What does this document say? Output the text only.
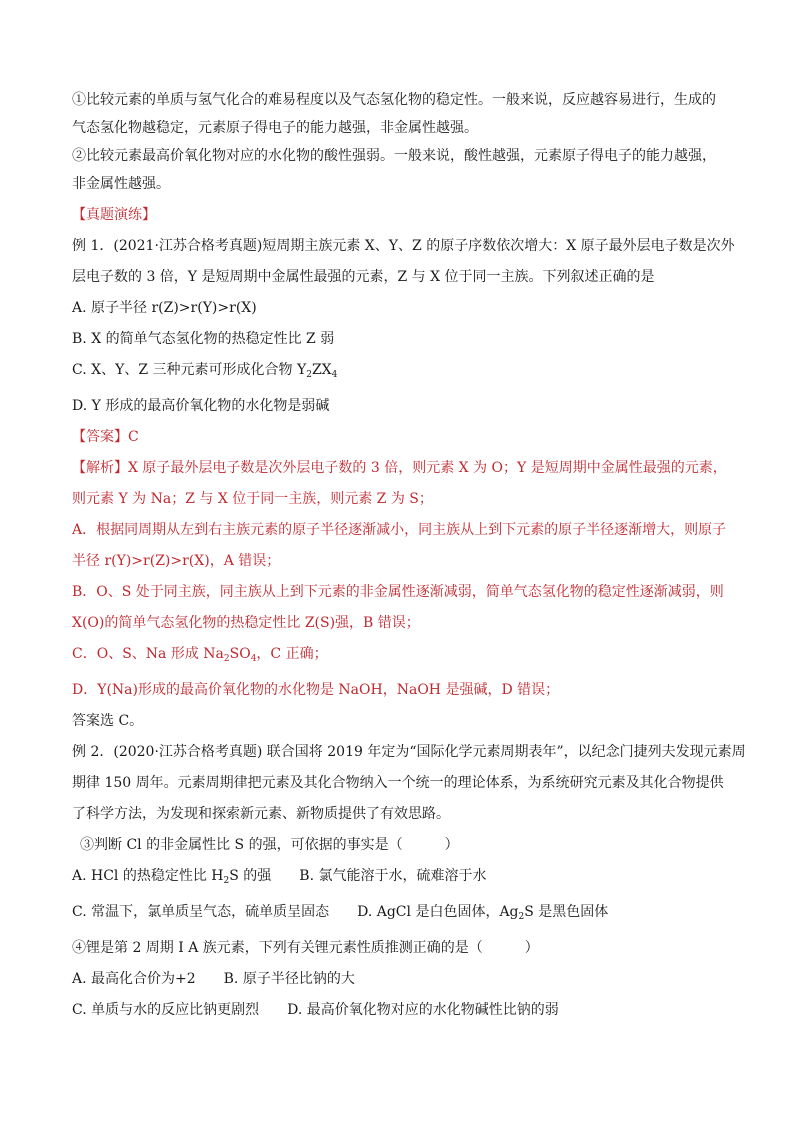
①比较元素的单质与氢气化合的难易程度以及气态氢化物的稳定性。一般来说，反应越容易进行，生成的

气态氢化物越稳定，元素原子得电子的能力越强，非金属性越强。

②比较元素最高价氧化物对应的水化物的酸性强弱。一般来说，酸性越强，元素原子得电子的能力越强，

非金属性越强。

【真题演练】

例 1．(2021·江苏合格考真题)短周期主族元素 X、Y、Z 的原子序数依次增大：X 原子最外层电子数是次外

层电子数的 3 倍，Y 是短周期中金属性最强的元素，Z 与 X 位于同一主族。下列叙述正确的是

A. 原子半径 r(Z)>r(Y)>r(X)

B. X 的简单气态氢化物的热稳定性比 Z 弱

C. X、Y、Z 三种元素可形成化合物 $Y_2ZX_4$

D. Y 形成的最高价氧化物的水化物是弱碱

【答案】C

【解析】X 原子最外层电子数是次外层电子数的 3 倍，则元素 X 为 O；Y 是短周期中金属性最强的元素，

则元素 Y 为 Na；Z 与 X 位于同一主族，则元素 Z 为 S；

A．根据同周期从左到右主族元素的原子半径逐渐减小，同主族从上到下元素的原子半径逐渐增大，则原子

半径 r(Y)>r(Z)>r(X)，A 错误；

B．O、S 处于同主族，同主族从上到下元素的非金属性逐渐减弱，简单气态氢化物的稳定性逐渐减弱，则

X(O)的简单气态氢化物的热稳定性比 Z(S)强，B 错误；

C．O、S、Na 形成 $Na_2SO_4$，C 正确；

D．Y(Na)形成的最高价氧化物的水化物是 NaOH，NaOH 是强碱，D 错误；

答案选 C。

例 2．(2020·江苏合格考真题) 联合国将 2019 年定为“国际化学元素周期表年”，以纪念门捷列夫发现元素周

期律 150 周年。元素周期律把元素及其化合物纳入一个统一的理论体系，为系统研究元素及其化合物提供

了科学方法，为发现和探索新元素、新物质提供了有效思路。

③判断 Cl 的非金属性比 S 的强，可依据的事实是（　　　）

A. HCl 的热稳定性比 $H_2S$ 的强　　B. 氯气能溶于水，硫难溶于水

C. 常温下，氯单质呈气态，硫单质呈固态　　D. AgCl 是白色固体，$Ag_2S$ 是黑色固体

④锂是第 2 周期 I A 族元素，下列有关锂元素性质推测正确的是（　　　）

A. 最高化合价为+2　　B. 原子半径比钠的大

C. 单质与水的反应比钠更剧烈　　D. 最高价氧化物对应的水化物碱性比钠的弱
